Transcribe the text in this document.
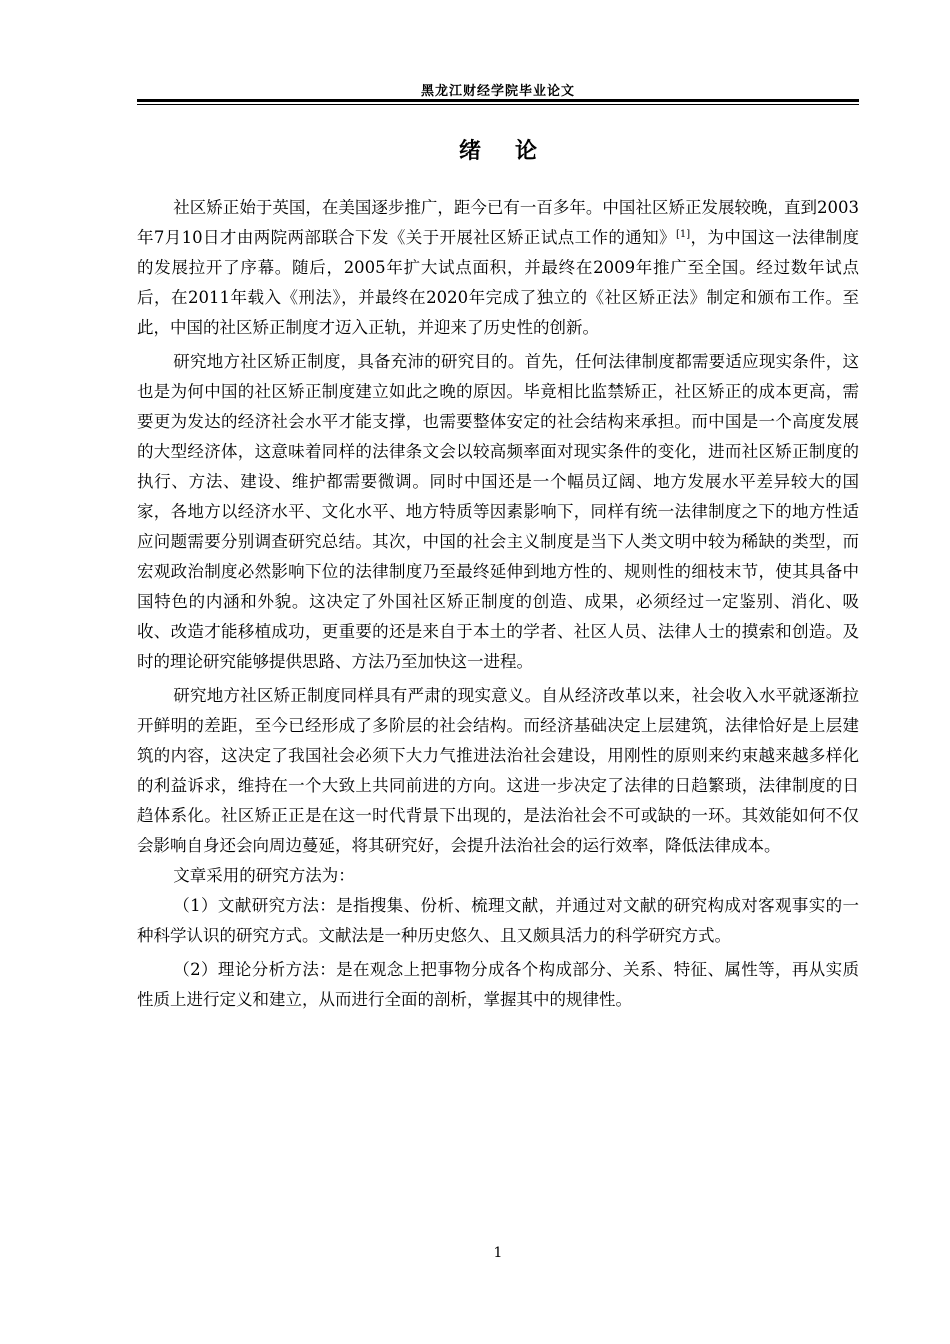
黑龙江财经学院毕业论文
绪论

社区矫正始于英国，在美国逐步推广，距今已有一百多年。中国社区矫正发展较晚，直到2003年7月10日才由两院两部联合下发《关于开展社区矫正试点工作的通知》[1]，为中国这一法律制度的发展拉开了序幕。随后，2005年扩大试点面积，并最终在2009年推广至全国。经过数年试点后，在2011年载入《刑法》，并最终在2020年完成了独立的《社区矫正法》制定和颁布工作。至此，中国的社区矫正制度才迈入正轨，并迎来了历史性的创新。

研究地方社区矫正制度，具备充沛的研究目的。首先，任何法律制度都需要适应现实条件，这也是为何中国的社区矫正制度建立如此之晚的原因。毕竟相比监禁矫正，社区矫正的成本更高，需要更为发达的经济社会水平才能支撑，也需要整体安定的社会结构来承担。而中国是一个高度发展的大型经济体，这意味着同样的法律条文会以较高频率面对现实条件的变化，进而社区矫正制度的执行、方法、建设、维护都需要微调。同时中国还是一个幅员辽阔、地方发展水平差异较大的国家，各地方以经济水平、文化水平、地方特质等因素影响下，同样有统一法律制度之下的地方性适应问题需要分别调查研究总结。其次，中国的社会主义制度是当下人类文明中较为稀缺的类型，而宏观政治制度必然影响下位的法律制度乃至最终延伸到地方性的、规则性的细枝末节，使其具备中国特色的内涵和外貌。这决定了外国社区矫正制度的创造、成果，必须经过一定鉴别、消化、吸收、改造才能移植成功，更重要的还是来自于本土的学者、社区人员、法律人士的摸索和创造。及时的理论研究能够提供思路、方法乃至加快这一进程。

研究地方社区矫正制度同样具有严肃的现实意义。自从经济改革以来，社会收入水平就逐渐拉开鲜明的差距，至今已经形成了多阶层的社会结构。而经济基础决定上层建筑，法律恰好是上层建筑的内容，这决定了我国社会必须下大力气推进法治社会建设，用刚性的原则来约束越来越多样化的利益诉求，维持在一个大致上共同前进的方向。这进一步决定了法律的日趋繁琐，法律制度的日趋体系化。社区矫正正是在这一时代背景下出现的，是法治社会不可或缺的一环。其效能如何不仅会影响自身还会向周边蔓延，将其研究好，会提升法治社会的运行效率，降低法律成本。

文章采用的研究方法为：

（1）文献研究方法：是指搜集、份析、梳理文献，并通过对文献的研究构成对客观事实的一种科学认识的研究方式。文献法是一种历史悠久、且又颇具活力的科学研究方式。

（2）理论分析方法：是在观念上把事物分成各个构成部分、关系、特征、属性等，再从实质性质上进行定义和建立，从而进行全面的剖析，掌握其中的规律性。

1
